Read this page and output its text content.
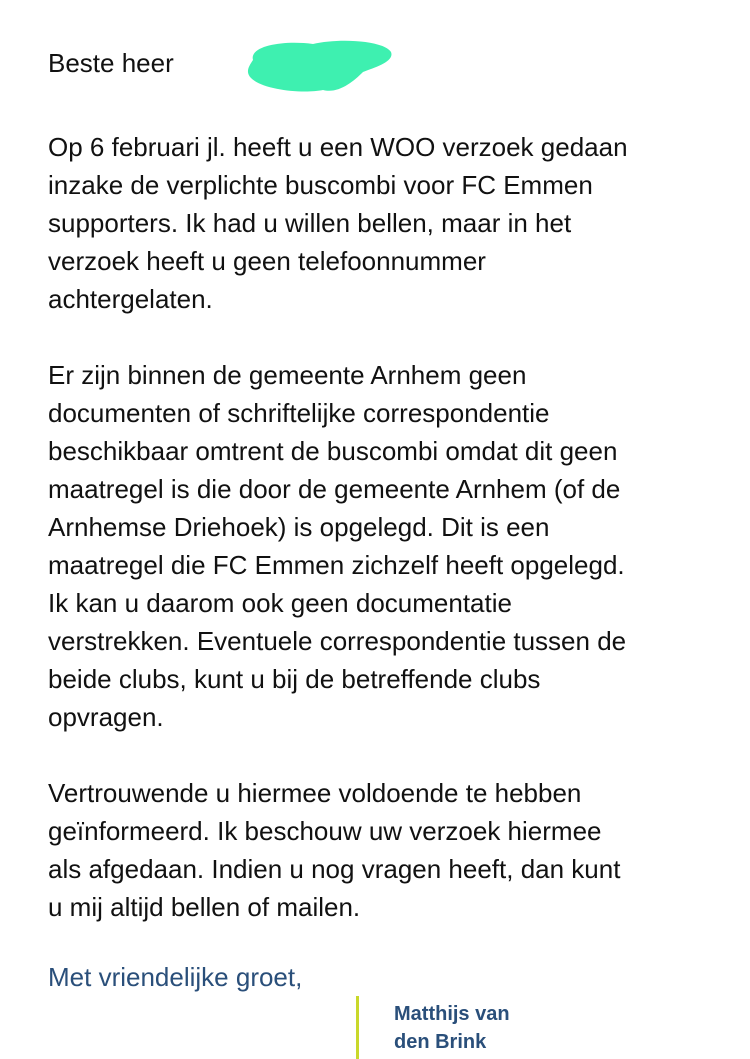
Beste heer

Op 6 februari jl. heeft u een WOO verzoek gedaan
inzake de verplichte buscombi voor FC Emmen
supporters. Ik had u willen bellen, maar in het
verzoek heeft u geen telefoonnummer
achtergelaten.

Er zijn binnen de gemeente Arnhem geen
documenten of schriftelijke correspondentie
beschikbaar omtrent de buscombi omdat dit geen
maatregel is die door de gemeente Arnhem (of de
Arnhemse Driehoek) is opgelegd. Dit is een
maatregel die FC Emmen zichzelf heeft opgelegd.
Ik kan u daarom ook geen documentatie
verstrekken. Eventuele correspondentie tussen de
beide clubs, kunt u bij de betreffende clubs
opvragen.

Vertrouwende u hiermee voldoende te hebben
geïnformeerd. Ik beschouw uw verzoek hiermee
als afgedaan. Indien u nog vragen heeft, dan kunt
u mij altijd bellen of mailen.

Met vriendelijke groet,
Matthijs van
den Brink
